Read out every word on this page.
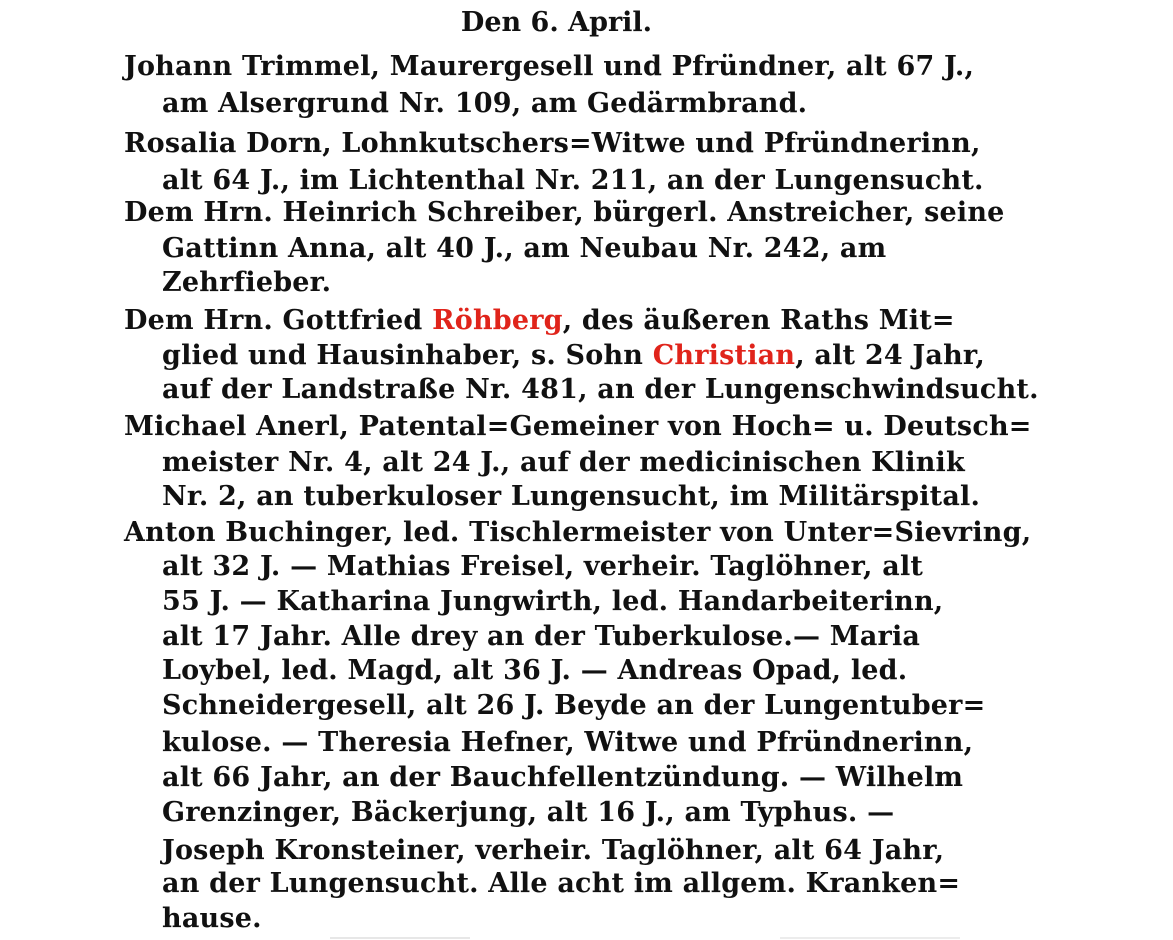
Den 6. April.
Johann Trimmel, Maurergesell und Pfründner, alt 67 J.,
am Alsergrund Nr. 109, am Gedärmbrand.
Rosalia Dorn, Lohnkutschers=Witwe und Pfründnerinn,
alt 64 J., im Lichtenthal Nr. 211, an der Lungensucht.
Dem Hrn. Heinrich Schreiber, bürgerl. Anstreicher, seine
Gattinn Anna, alt 40 J., am Neubau Nr. 242, am
Zehrfieber.
Dem Hrn. Gottfried Röhberg, des äußeren Raths Mit=
glied und Hausinhaber, s. Sohn Christian, alt 24 Jahr,
auf der Landstraße Nr. 481, an der Lungenschwindsucht.
Michael Anerl, Patental=Gemeiner von Hoch= u. Deutsch=
meister Nr. 4, alt 24 J., auf der medicinischen Klinik
Nr. 2, an tuberkuloser Lungensucht, im Militärspital.
Anton Buchinger, led. Tischlermeister von Unter=Sievring,
alt 32 J. — Mathias Freisel, verheir. Taglöhner, alt
55 J. — Katharina Jungwirth, led. Handarbeiterinn,
alt 17 Jahr. Alle drey an der Tuberkulose.— Maria
Loybel, led. Magd, alt 36 J. — Andreas Opad, led.
Schneidergesell, alt 26 J. Beyde an der Lungentuber=
kulose. — Theresia Hefner, Witwe und Pfründnerinn,
alt 66 Jahr, an der Bauchfellentzündung. — Wilhelm
Grenzinger, Bäckerjung, alt 16 J., am Typhus. —
Joseph Kronsteiner, verheir. Taglöhner, alt 64 Jahr,
an der Lungensucht. Alle acht im allgem. Kranken=
hause.
